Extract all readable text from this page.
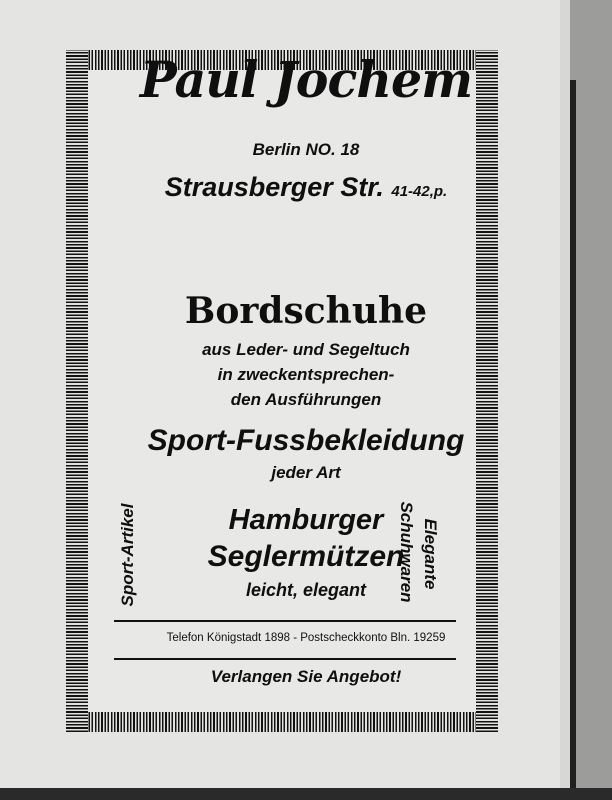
Paul Jochem
Berlin NO. 18
Strausberger Str. 41-42,p.
Bordschuhe
aus Leder- und Segeltuch
in zweckentsprechen-
den Ausführungen
Sport-Fussbekleidung
jeder Art
Hamburger
Seglermützen
leicht, elegant
Sport-Artikel	Elegante
Schuhwaren
Telefon Königstadt 1898 - Postscheckkonto Bln. 19259
Verlangen Sie Angebot!
